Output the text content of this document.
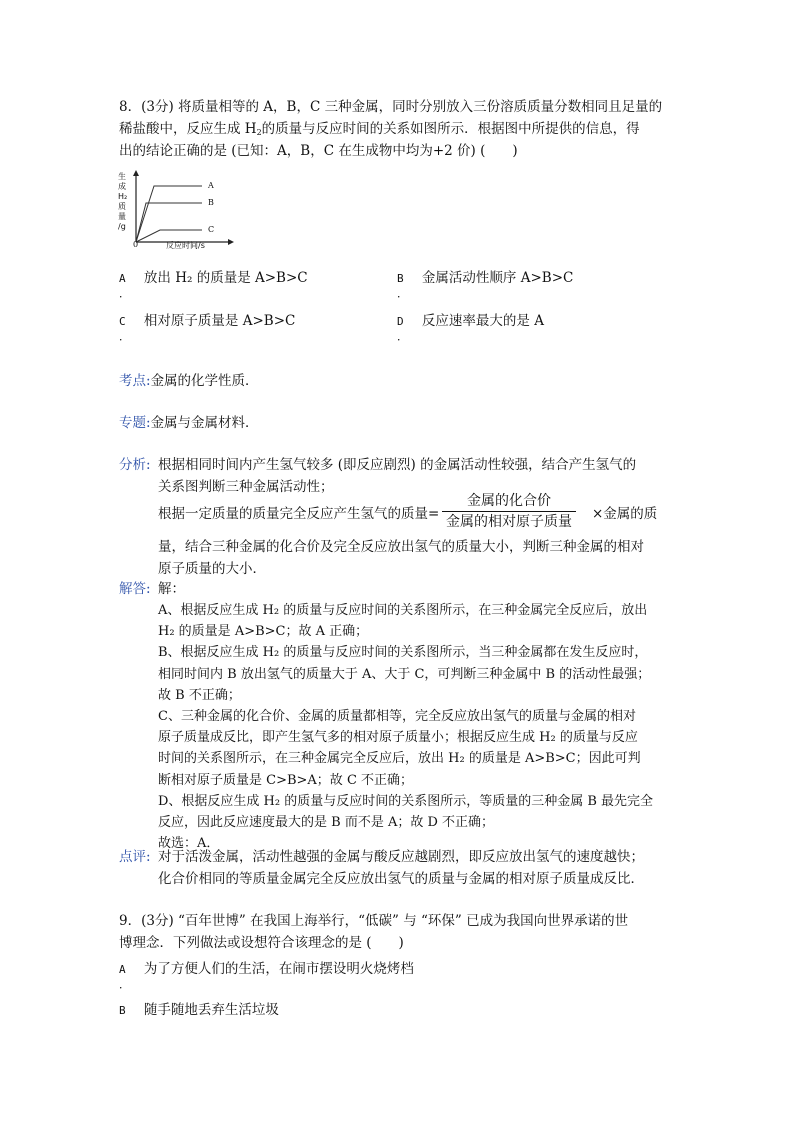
8．(3分) 将质量相等的 A，B，C 三种金属，同时分别放入三份溶质质量分数相同且足量的
稀盐酸中，反应生成 $H_2$的质量与反应时间的关系如图所示．根据图中所提供的信息，得
出的结论正确的是 (已知：A，B，C 在生成物中均为+2 价) (　　)
生
成
H₂
质
量
/g
A
B
C
0	反应时间/s
A 放出 H₂ 的质量是 A>B>C
．
B 金属活动性顺序 A>B>C
．
C 相对原子质量是 A>B>C
．
D 反应速率最大的是 A
．
考点:金属的化学性质．
专题:金属与金属材料．
分析: 根据相同时间内产生氢气较多 (即反应剧烈) 的金属活动性较强，结合产生氢气的
关系图判断三种金属活动性；
根据一定质量的质量完全反应产生氢气的质量=
金属的化合价
金属的相对原子质量 ×金属的质
量，结合三种金属的化合价及完全反应放出氢气的质量大小，判断三种金属的相对
原子质量的大小．
解答: 解：
A、根据反应生成 H₂ 的质量与反应时间的关系图所示，在三种金属完全反应后，放出
H₂ 的质量是 A>B>C；故 A 正确；
B、根据反应生成 H₂ 的质量与反应时间的关系图所示，当三种金属都在发生反应时，
相同时间内 B 放出氢气的质量大于 A、大于 C，可判断三种金属中 B 的活动性最强；
故 B 不正确；
C、三种金属的化合价、金属的质量都相等，完全反应放出氢气的质量与金属的相对
原子质量成反比，即产生氢气多的相对原子质量小；根据反应生成 H₂ 的质量与反应
时间的关系图所示，在三种金属完全反应后，放出 H₂ 的质量是 A>B>C；因此可判
断相对原子质量是 C>B>A；故 C 不正确；
D、根据反应生成 H₂ 的质量与反应时间的关系图所示，等质量的三种金属 B 最先完全
反应，因此反应速度最大的是 B 而不是 A；故 D 不正确；
故选：A．
点评: 对于活泼金属，活动性越强的金属与酸反应越剧烈，即反应放出氢气的速度越快；
化合价相同的等质量金属完全反应放出氢气的质量与金属的相对原子质量成反比．
9．(3分) “百年世博” 在我国上海举行，“低碳” 与 “环保” 已成为我国向世界承诺的世
博理念．下列做法或设想符合该理念的是 (　　)
A 为了方便人们的生活，在闹市摆设明火烧烤档
．
B 随手随地丢弃生活垃圾
